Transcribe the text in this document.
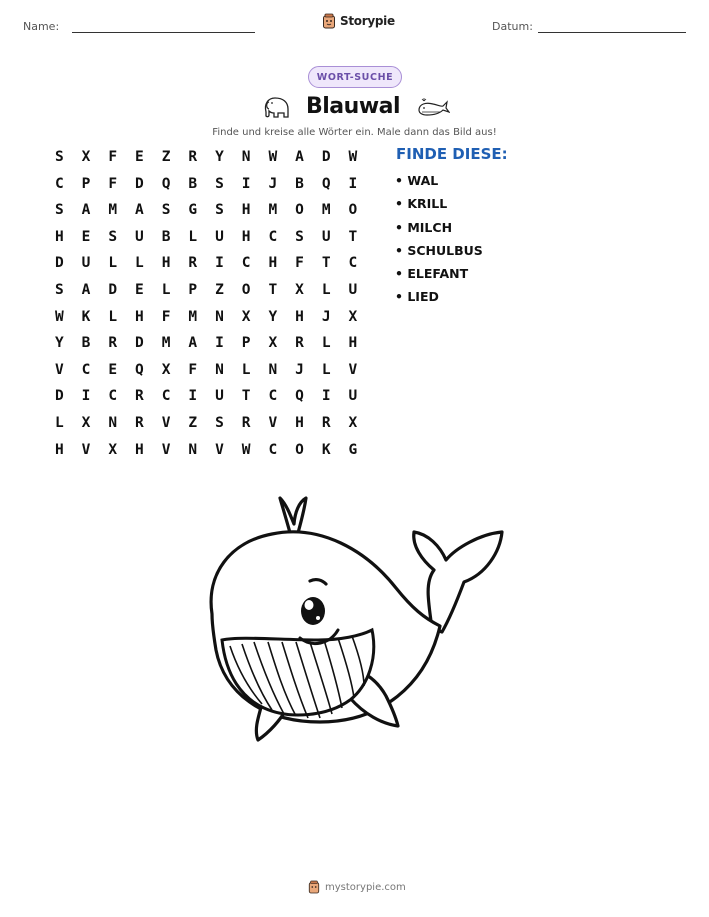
Name:	Storypie	Datum:
WORT-SUCHE
Blauwal
Finde und kreise alle Wörter ein. Male dann das Bild aus!
S	X	F	E	Z	R	Y	N	W	A	D	W
C	P	F	D	Q	B	S	I	J	B	Q	I
S	A	M	A	S	G	S	H	M	O	M	O
H	E	S	U	B	L	U	H	C	S	U	T
D	U	L	L	H	R	I	C	H	F	T	C
S	A	D	E	L	P	Z	O	T	X	L	U
W	K	L	H	F	M	N	X	Y	H	J	X
Y	B	R	D	M	A	I	P	X	R	L	H
V	C	E	Q	X	F	N	L	N	J	L	V
D	I	C	R	C	I	U	T	C	Q	I	U
L	X	N	R	V	Z	S	R	V	H	R	X
H	V	X	H	V	N	V	W	C	O	K	G
FINDE DIESE:
• WAL
• KRILL
• MILCH
• SCHULBUS
• ELEFANT
• LIED
mystorypie.com
